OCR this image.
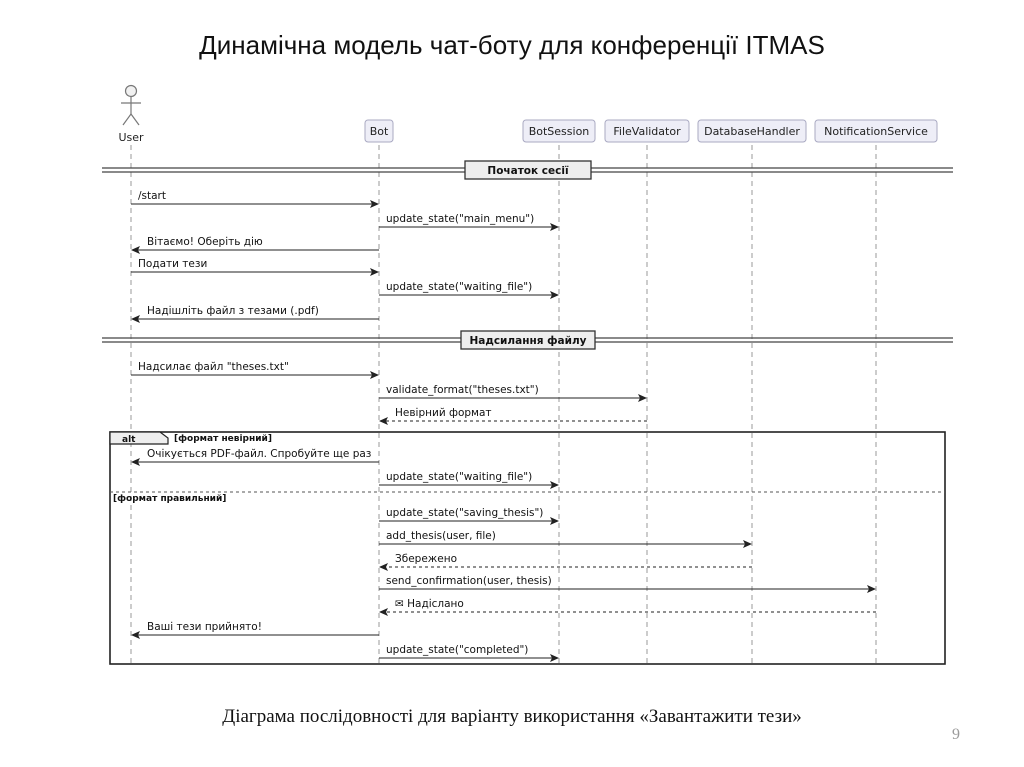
Динамічна модель чат-боту для конференції ITMAS
alt	[формат невірний]
[формат правильний]
Початок сесії
Надсилання файлу
User	Bot	BotSession FileValidator DatabaseHandler NotificationService
/start
update_state("main_menu")
Вітаємо! Оберіть дію
Подати тези
update_state("waiting_file")
Надішліть файл з тезами (.pdf)
Надсилає файл "theses.txt"
validate_format("theses.txt")
Невірний формат
Очікується PDF-файл. Спробуйте ще раз
update_state("waiting_file")
update_state("saving_thesis")
add_thesis(user, file)
Збережено
send_confirmation(user, thesis)
✉ Надіслано
Ваші тези прийнято!
update_state("completed")
Діаграма послідовності для варіанту використання «Завантажити тези»
9
